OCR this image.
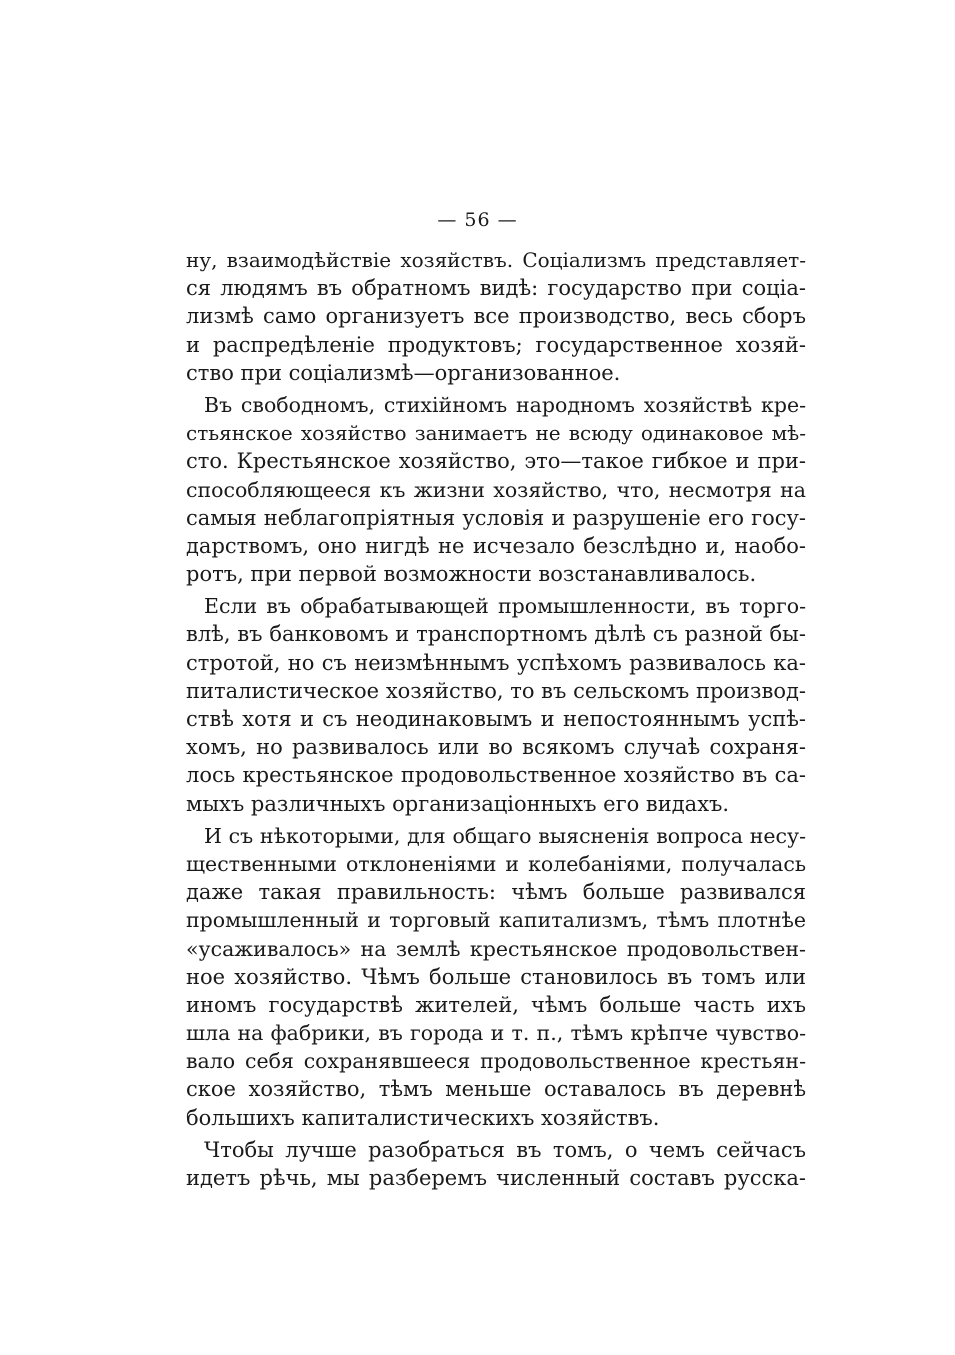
— 56 —
ну, взаимодѣйствіе хозяйствъ. Соціализмъ представляет-
ся людямъ въ обратномъ видѣ: государство при соціа-
лизмѣ само организуетъ все производство, весь сборъ
и распредѣленіе продуктовъ; государственное хозяй-
ство при соціализмѣ—организованное.
Въ свободномъ, стихійномъ народномъ хозяйствѣ кре-
стьянское хозяйство занимаетъ не всюду одинаковое мѣ-
сто. Крестьянское хозяйство, это—такое гибкое и при-
способляющееся къ жизни хозяйство, что, несмотря на
самыя неблагопріятныя условія и разрушеніе его госу-
дарствомъ, оно нигдѣ не исчезало безслѣдно и, наобо-
ротъ, при первой возможности возстанавливалось.
Если въ обрабатывающей промышленности, въ торго-
влѣ, въ банковомъ и транспортномъ дѣлѣ съ разной бы-
стротой, но съ неизмѣннымъ успѣхомъ развивалось ка-
питалистическое хозяйство, то въ сельскомъ производ-
ствѣ хотя и съ неодинаковымъ и непостояннымъ успѣ-
хомъ, но развивалось или во всякомъ случаѣ сохраня-
лось крестьянское продовольственное хозяйство въ са-
мыхъ различныхъ организаціонныхъ его видахъ.
И съ нѣкоторыми, для общаго выясненія вопроса несу-
щественными отклоненіями и колебаніями, получалась
даже такая правильность: чѣмъ больше развивался
промышленный и торговый капитализмъ, тѣмъ плотнѣе
«усаживалось» на землѣ крестьянское продовольствен-
ное хозяйство. Чѣмъ больше становилось въ томъ или
иномъ государствѣ жителей, чѣмъ больше часть ихъ
шла на фабрики, въ города и т. п., тѣмъ крѣпче чувство-
вало себя сохранявшееся продовольственное крестьян-
ское хозяйство, тѣмъ меньше оставалось въ деревнѣ
большихъ капиталистическихъ хозяйствъ.
Чтобы лучше разобраться въ томъ, о чемъ сейчасъ
идетъ рѣчь, мы разберемъ численный составъ русска-
